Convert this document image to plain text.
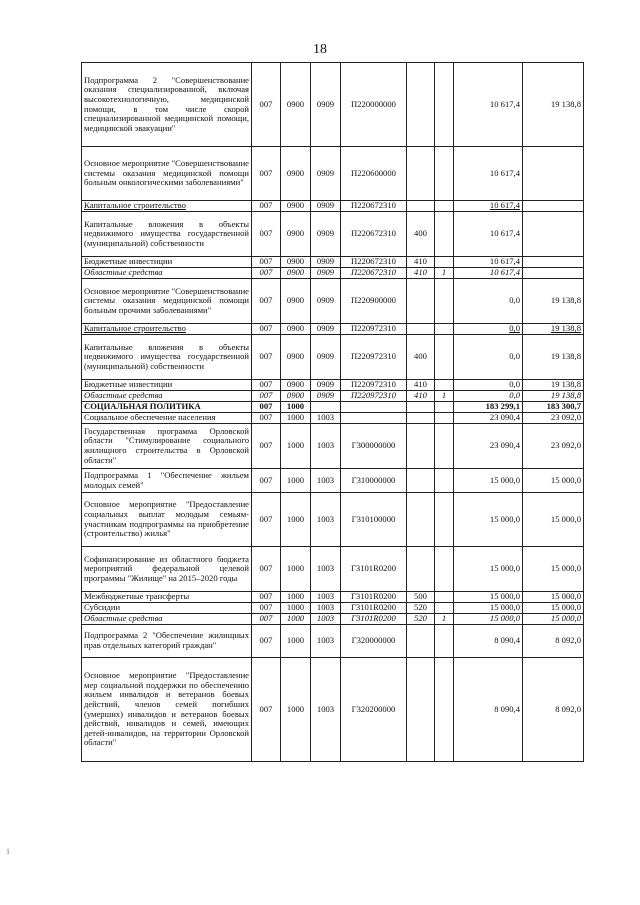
18
Подпрограмма 2 "Совершенствование оказания специализированной, включая высокотехнологичную, медицинской помощи, в том числе скорой специализированной медицинской помощи, медицинской эвакуации"	007	0900	0909	П220000000			10 617,4	19 138,8
Основное мероприятие "Совершенствование системы оказания медицинской помощи больным онкологическими заболеваниями"	007	0900	0909	П220600000			10 617,4	
Капитальное строительство	007	0900	0909	П220672310			10 617,4	
Капитальные вложения в объекты недвижимого имущества государственной (муниципальной) собственности	007	0900	0909	П220672310	400		10 617,4	
Бюджетные инвестиции	007	0900	0909	П220672310	410		10 617,4	
Областные средства	007	0900	0909	П220672310	410	1	10 617,4	
Основное мероприятие "Совершенствование системы оказания медицинской помощи больным прочими заболеваниями"	007	0900	0909	П220900000			0,0	19 138,8
Капитальное строительство	007	0900	0909	П220972310			0,0	19 138,8
Капитальные вложения в объекты недвижимого имущества государственной (муниципальной) собственности	007	0900	0909	П220972310	400		0,0	19 138,8
Бюджетные инвестиции	007	0900	0909	П220972310	410		0,0	19 138,8
Областные средства	007	0900	0909	П220972310	410	1	0,0	19 138,8
СОЦИАЛЬНАЯ ПОЛИТИКА	007	1000					183 299,1	183 300,7
Социальное обеспечение населения	007	1000	1003				23 090,4	23 092,0
Государственная программа Орловской области "Стимулирование социального жилищного строительства в Орловской области"	007	1000	1003	Г300000000			23 090,4	23 092,0
Подпрограмма 1 "Обеспечение жильем молодых семей"	007	1000	1003	Г310000000			15 000,0	15 000,0
Основное мероприятие "Предоставление социальных выплат молодым семьям-участникам подпрограммы на приобретение (строительство) жилья"	007	1000	1003	Г310100000			15 000,0	15 000,0
Софинансирование из областного бюджета мероприятий федеральной целевой программы "Жилище" на 2015–2020 годы	007	1000	1003	Г3101R0200			15 000,0	15 000,0
Межбюджетные трансферты	007	1000	1003	Г3101R0200	500		15 000,0	15 000,0
Субсидии	007	1000	1003	Г3101R0200	520		15 000,0	15 000,0
Областные средства	007	1000	1003	Г3101R0200	520	1	15 000,0	15 000,0
Подпрограмма 2 "Обеспечение жилищных прав отдельных категорий граждан"	007	1000	1003	Г320000000			8 090,4	8 092,0
Основное мероприятие "Предоставление мер социальной поддержки по обеспечению жильем инвалидов и ветеранов боевых действий, членов семей погибших (умерших) инвалидов и ветеранов боевых действий, инвалидов и семей, имеющих детей-инвалидов, на территории Орловской области"	007	1000	1003	Г320200000			8 090,4	8 092,0
1
